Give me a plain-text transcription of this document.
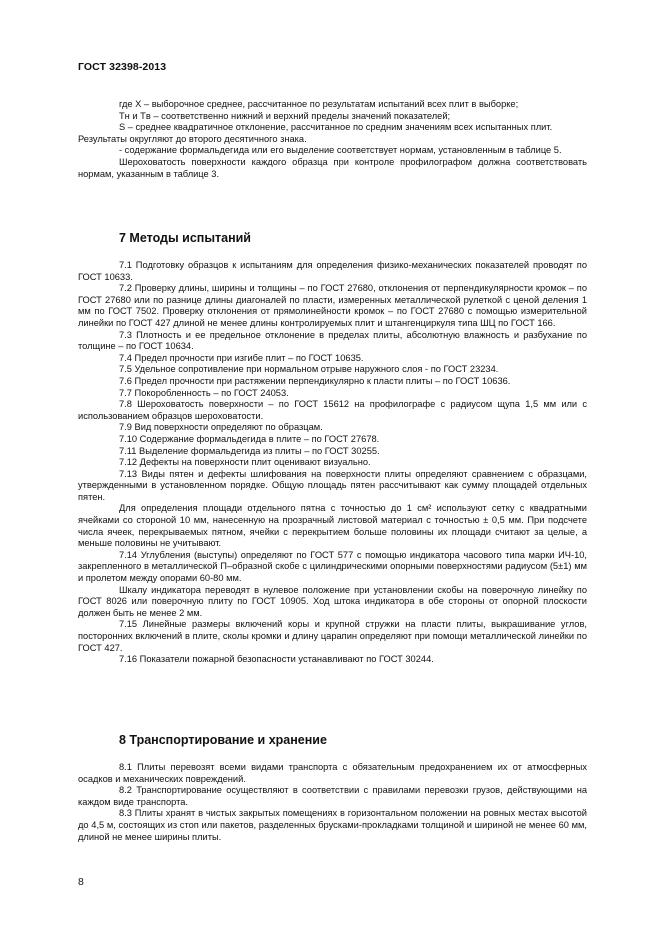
ГОСТ 32398-2013

где X – выборочное среднее, рассчитанное по результатам испытаний всех плит в выборке;

Tн и Tв – соответственно нижний и верхний пределы значений показателей;

S – среднее квадратичное отклонение, рассчитанное по средним значениям всех испытанных плит.

Результаты округляют до второго десятичного знака.

- содержание формальдегида или его выделение соответствует нормам, установленным в таблице 5.

Шероховатость поверхности каждого образца при контроле профилографом должна соответствовать нормам, указанным в таблице 3.

7 Методы испытаний

7.1 Подготовку образцов к испытаниям для определения физико-механических показателей проводят по ГОСТ 10633.

7.2 Проверку длины, ширины и толщины – по ГОСТ 27680, отклонения от перпендикулярности кромок – по ГОСТ 27680 или по разнице длины диагоналей по пласти, измеренных металлической рулеткой с ценой деления 1 мм по ГОСТ 7502. Проверку отклонения от прямолинейности кромок – по ГОСТ 27680 с помощью измерительной линейки по ГОСТ 427 длиной не менее длины контролируемых плит и штангенциркуля типа ШЦ по ГОСТ 166.

7.3 Плотность и ее предельное отклонение в пределах плиты, абсолютную влажность и разбухание по толщине – по ГОСТ 10634.

7.4 Предел прочности при изгибе плит – по ГОСТ 10635.

7.5 Удельное сопротивление при нормальном отрыве наружного слоя - по ГОСТ 23234.

7.6 Предел прочности при растяжении перпендикулярно к пласти плиты – по ГОСТ 10636.

7.7 Покоробленность – по ГОСТ 24053.

7.8 Шероховатость поверхности – по ГОСТ 15612 на профилографе с радиусом щупа 1,5 мм или с использованием образцов шероховатости.

7.9 Вид поверхности определяют по образцам.

7.10 Содержание формальдегида в плите – по ГОСТ 27678.

7.11 Выделение формальдегида из плиты – по ГОСТ 30255.

7.12 Дефекты на поверхности плит оценивают визуально.

7.13 Виды пятен и дефекты шлифования на поверхности плиты определяют сравнением с образцами, утвержденными в установленном порядке. Общую площадь пятен рассчитывают как сумму площадей отдельных пятен.

Для определения площади отдельного пятна с точностью до 1 см² используют сетку с квадратными ячейками со стороной 10 мм, нанесенную на прозрачный листовой материал с точностью ± 0,5 мм. При подсчете числа ячеек, перекрываемых пятном, ячейки с перекрытием больше половины их площади считают за целые, а меньше половины не учитывают.

7.14 Углубления (выступы) определяют по ГОСТ 577 с помощью индикатора часового типа марки ИЧ-10, закрепленного в металлической П–образной скобе с цилиндрическими опорными поверхностями радиусом (5±1) мм и пролетом между опорами 60-80 мм.

Шкалу индикатора переводят в нулевое положение при установлении скобы на поверочную линейку по ГОСТ 8026 или поверочную плиту по ГОСТ 10905. Ход штока индикатора в обе стороны от опорной плоскости должен быть не менее 2 мм.

7.15 Линейные размеры включений коры и крупной стружки на пласти плиты, выкрашивание углов, посторонних включений в плите, сколы кромки и длину царапин определяют при помощи металлической линейки по ГОСТ 427.

7.16 Показатели пожарной безопасности устанавливают по ГОСТ 30244.

8 Транспортирование и хранение

8.1 Плиты перевозят всеми видами транспорта с обязательным предохранением их от атмосферных осадков и механических повреждений.

8.2 Транспортирование осуществляют в соответствии с правилами перевозки грузов, действующими на каждом виде транспорта.

8.3 Плиты хранят в чистых закрытых помещениях в горизонтальном положении на ровных местах высотой до 4,5 м, состоящих из стоп или пакетов, разделенных брусками-прокладками толщиной и шириной не менее 60 мм, длиной не менее ширины плиты.

8
